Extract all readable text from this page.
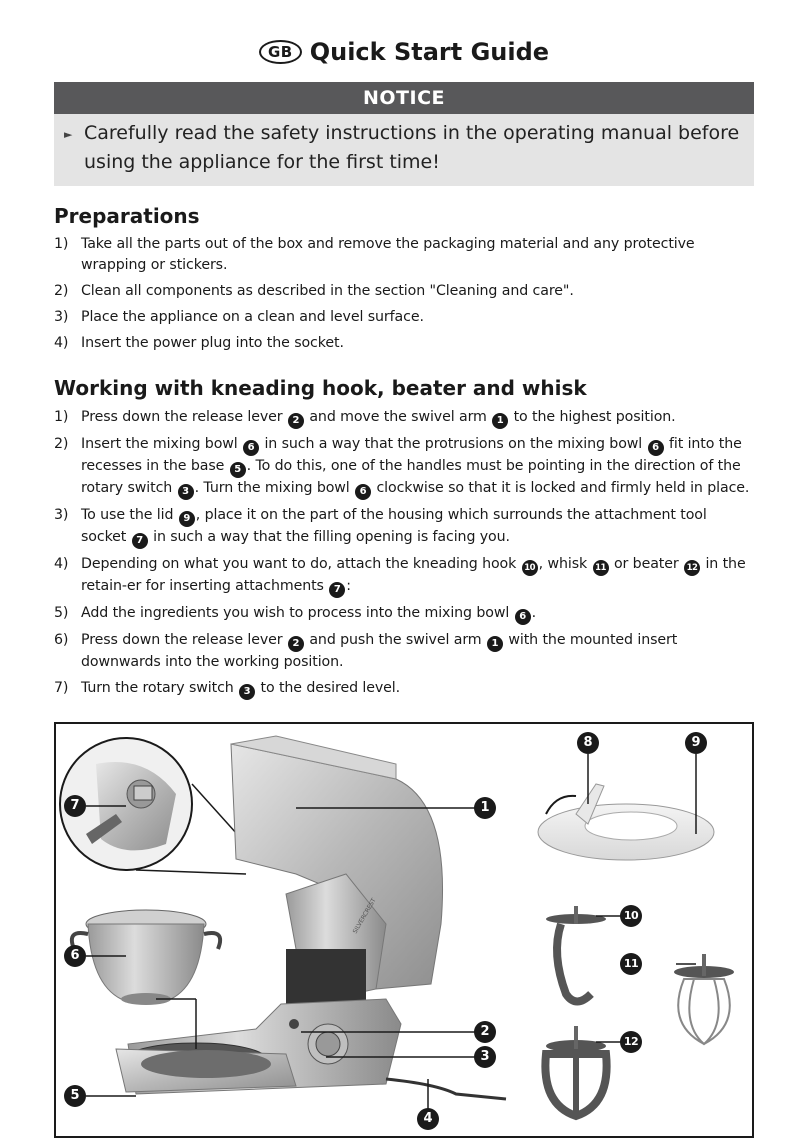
GB Quick Start Guide
NOTICE
► Carefully read the safety instructions in the operating manual before using the appliance for the first time!
Preparations
1) Take all the parts out of the box and remove the packaging material and any protective wrapping or stickers.
2) Clean all components as described in the section "Cleaning and care".
3) Place the appliance on a clean and level surface.
4) Insert the power plug into the socket.
Working with kneading hook, beater and whisk
1) Press down the release lever 2 and move the swivel arm 1 to the highest position.
2) Insert the mixing bowl 6 in such a way that the protrusions on the mixing bowl 6 fit into the recesses in the base 5 . To do this, one of the handles must be pointing in the direction of the rotary switch 3 . Turn the mixing bowl 6 clockwise so that it is locked and firmly held in place.
3) To use the lid 9 , place it on the part of the housing which surrounds the attachment tool socket 7 in such a way that the filling opening is facing you.
4) Depending on what you want to do, attach the kneading hook 10 , whisk 11 or beater 12 in the retain-er for inserting attachments 7 :
5) Add the ingredients you wish to process into the mixing bowl 6 .
6) Press down the release lever 2 and push the swivel arm 1 with the mounted insert downwards into the working position.
7) Turn the rotary switch 3 to the desired level.
SILVERCREST
1
2
3
4
5
6
7
8	9
10
11
12
